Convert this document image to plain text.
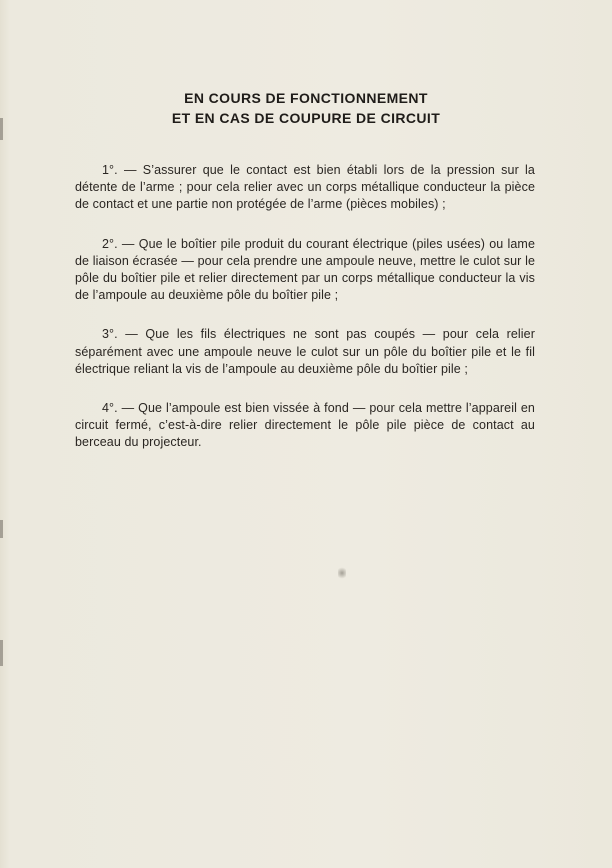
EN COURS DE FONCTIONNEMENT
ET EN CAS DE COUPURE DE CIRCUIT

1°. — S’assurer que le contact est bien établi lors de la pression sur la détente de l’arme ; pour cela relier avec un corps métallique conducteur la pièce de contact et une partie non protégée de l’arme (pièces mobiles) ;

2°. — Que le boîtier pile produit du courant électrique (piles usées) ou lame de liaison écrasée — pour cela prendre une ampoule neuve, mettre le culot sur le pôle du boîtier pile et relier directement par un corps métallique conducteur la vis de l’ampoule au deuxième pôle du boîtier pile ;

3°. — Que les fils électriques ne sont pas coupés — pour cela relier séparément avec une ampoule neuve le culot sur un pôle du boîtier pile et le fil électrique reliant la vis de l’ampoule au deuxième pôle du boîtier pile ;

4°. — Que l’ampoule est bien vissée à fond — pour cela mettre l’appareil en circuit fermé, c’est-à-dire relier directement le pôle pile pièce de contact au berceau du projecteur.
